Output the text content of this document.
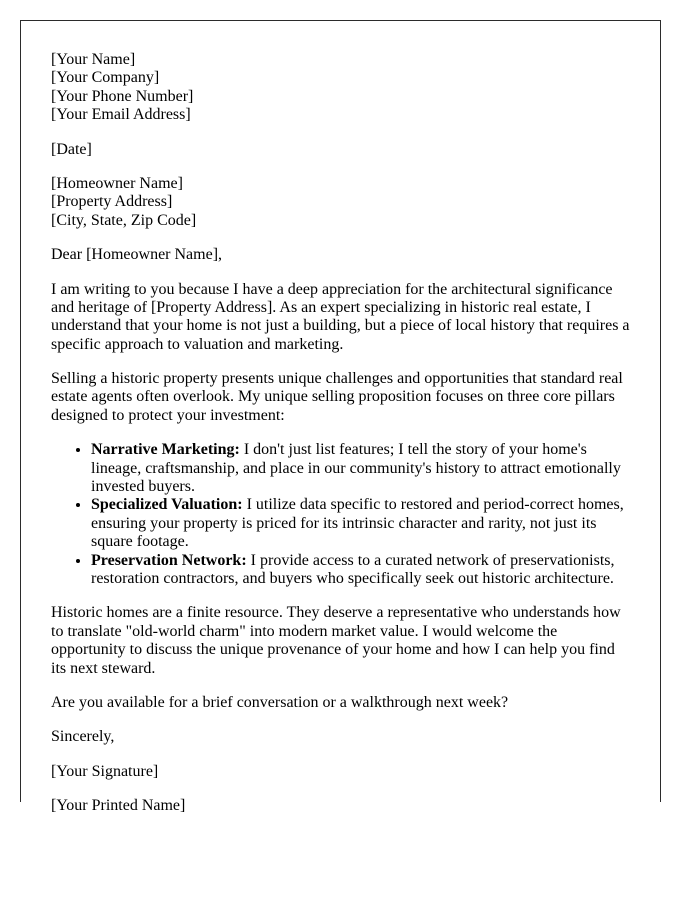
[Your Name]
[Your Company]
[Your Phone Number]
[Your Email Address]
[Date]
[Homeowner Name]
[Property Address]
[City, State, Zip Code]
Dear [Homeowner Name],

I am writing to you because I have a deep appreciation for the architectural significance and heritage of [Property Address]. As an expert specializing in historic real estate, I understand that your home is not just a building, but a piece of local history that requires a specific approach to valuation and marketing.

Selling a historic property presents unique challenges and opportunities that standard real estate agents often overlook. My unique selling proposition focuses on three core pillars designed to protect your investment:

• Narrative Marketing: I don't just list features; I tell the story of your home's lineage, craftsmanship, and place in our community's history to attract emotionally invested buyers.
• Specialized Valuation: I utilize data specific to restored and period-correct homes, ensuring your property is priced for its intrinsic character and rarity, not just its square footage.
• Preservation Network: I provide access to a curated network of preservationists, restoration contractors, and buyers who specifically seek out historic architecture.

Historic homes are a finite resource. They deserve a representative who understands how to translate "old-world charm" into modern market value. I would welcome the opportunity to discuss the unique provenance of your home and how I can help you find its next steward.

Are you available for a brief conversation or a walkthrough next week?

Sincerely,
[Your Signature]
[Your Printed Name]
